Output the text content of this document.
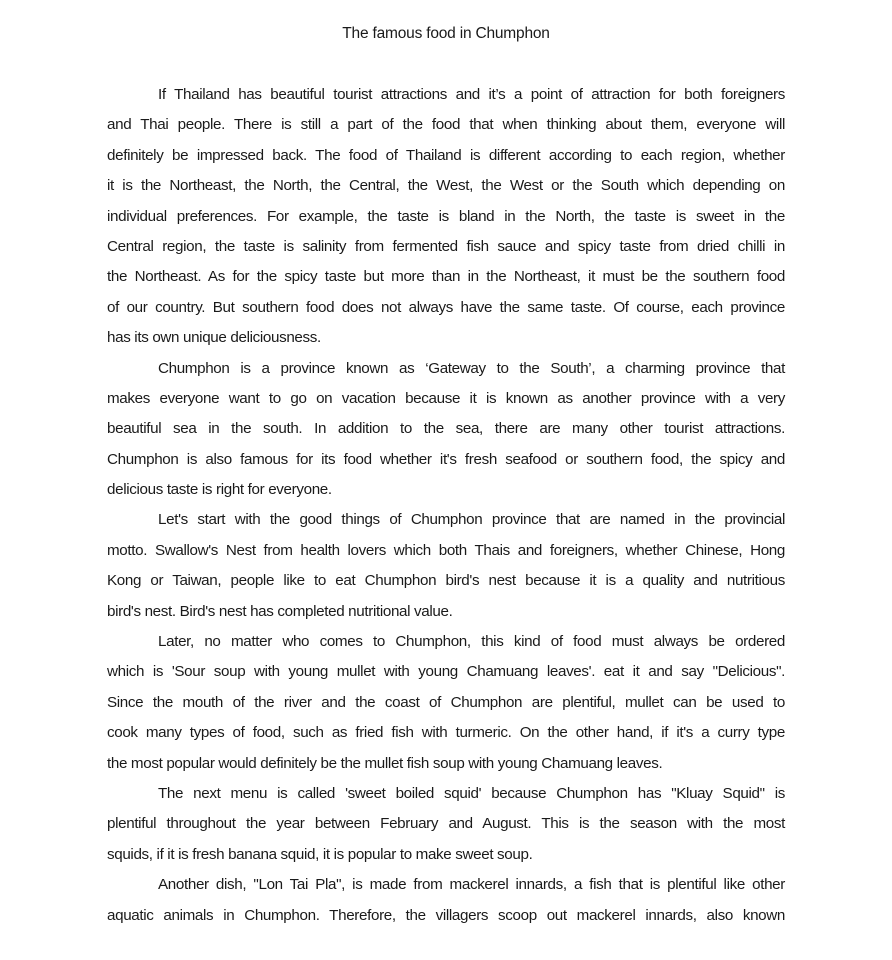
The famous food in Chumphon
If Thailand has beautiful tourist attractions and it’s a point of attraction for both foreigners
and Thai people. There is still a part of the food that when thinking about them, everyone will
definitely be impressed back. The food of Thailand is different according to each region, whether
it is the Northeast, the North, the Central, the West, the West or the South which depending on
individual preferences. For example, the taste is bland in the North, the taste is sweet in the
Central region, the taste is salinity from fermented fish sauce and spicy taste from dried chilli in
the Northeast. As for the spicy taste but more than in the Northeast, it must be the southern food
of our country. But southern food does not always have the same taste. Of course, each province
has its own unique deliciousness.
Chumphon is a province known as ‘Gateway to the South’, a charming province that
makes everyone want to go on vacation because it is known as another province with a very
beautiful sea in the south. In addition to the sea, there are many other tourist attractions.
Chumphon is also famous for its food whether it's fresh seafood or southern food, the spicy and
delicious taste is right for everyone.
Let's start with the good things of Chumphon province that are named in the provincial
motto. Swallow's Nest from health lovers which both Thais and foreigners, whether Chinese, Hong
Kong or Taiwan, people like to eat Chumphon bird's nest because it is a quality and nutritious
bird's nest. Bird's nest has completed nutritional value.
Later, no matter who comes to Chumphon, this kind of food must always be ordered
which is 'Sour soup with young mullet with young Chamuang leaves'. eat it and say "Delicious".
Since the mouth of the river and the coast of Chumphon are plentiful, mullet can be used to
cook many types of food, such as fried fish with turmeric. On the other hand, if it's a curry type
the most popular would definitely be the mullet fish soup with young Chamuang leaves.
The next menu is called 'sweet boiled squid' because Chumphon has "Kluay Squid" is
plentiful throughout the year between February and August. This is the season with the most
squids, if it is fresh banana squid, it is popular to make sweet soup.
Another dish, "Lon Tai Pla", is made from mackerel innards, a fish that is plentiful like other
aquatic animals in Chumphon. Therefore, the villagers scoop out mackerel innards, also known
